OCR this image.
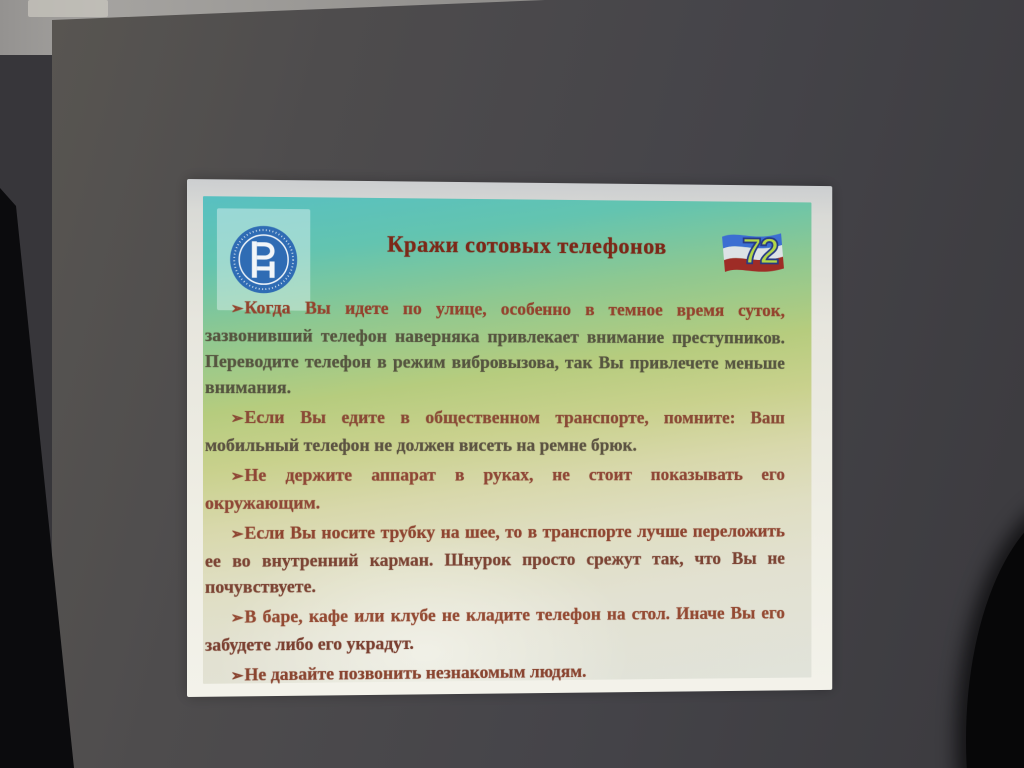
Кражи сотовых телефонов	72

➢Когда Вы идете по улице, особенно в темное время суток, зазвонивший телефон наверняка привлекает внимание преступников. Переводите телефон в режим вибровызова, так Вы привлечете меньше внимания.

➢Если Вы едите в общественном транспорте, помните: Ваш мобильный телефон не должен висеть на ремне брюк.

➢Не держите аппарат в руках, не стоит показывать его окружающим.

➢Если Вы носите трубку на шее, то в транспорте лучше переложить ее во внутренний карман. Шнурок просто срежут так, что Вы не почувствуете.

➢В баре, кафе или клубе не кладите телефон на стол. Иначе Вы его забудете либо его украдут.

➢Не давайте позвонить незнакомым людям.
